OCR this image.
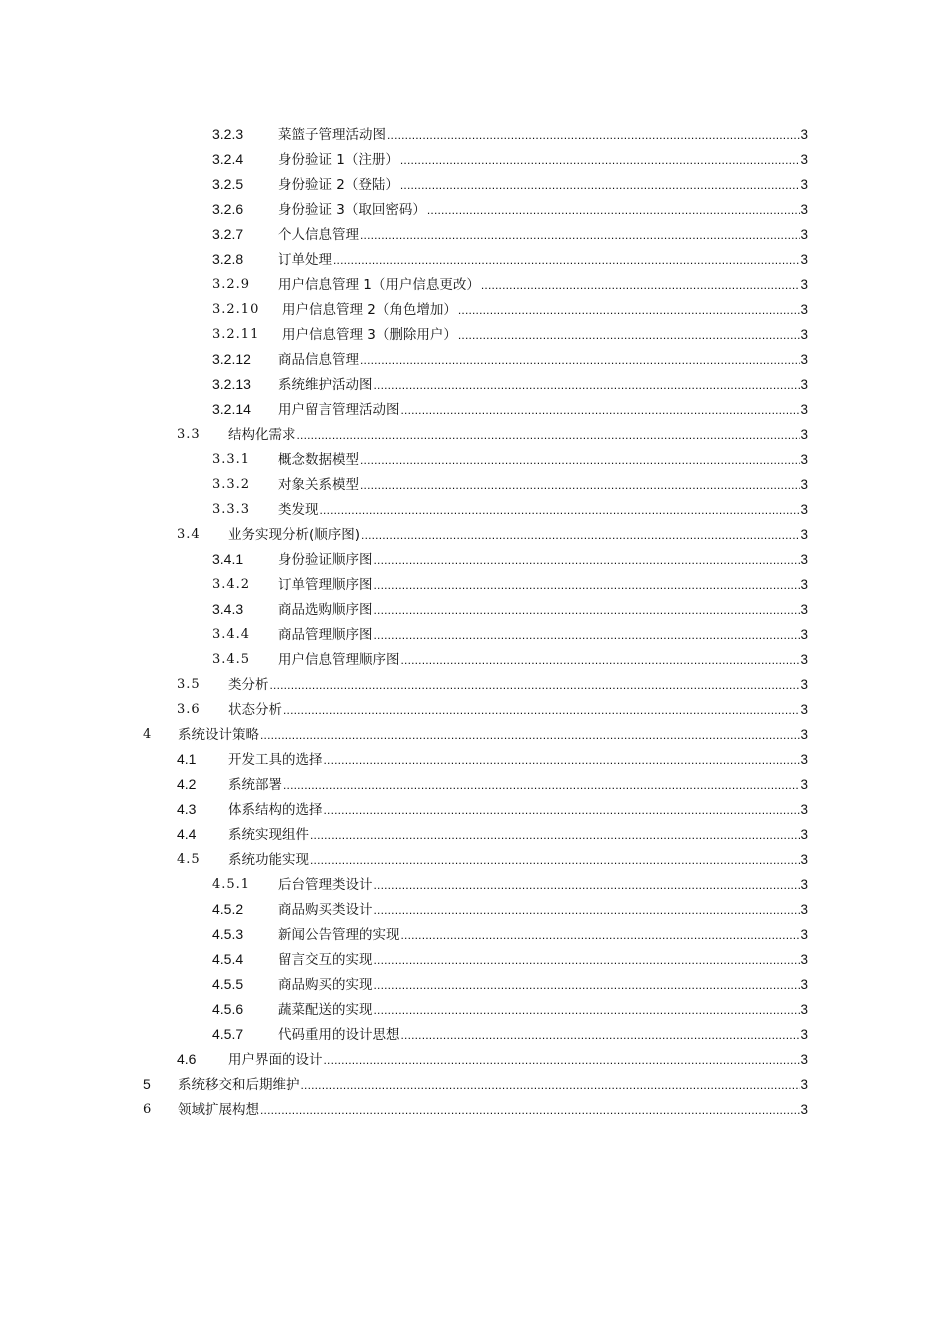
3.2.3	菜篮子管理活动图 .....	3
3.2.4	身份验证 1（注册） .....	3
3.2.5	身份验证 2（登陆） .....	3
3.2.6	身份验证 3（取回密码） .....	3
3.2.7	个人信息管理 .....	3
3.2.8	订单处理 .....	3
3.2.9 用户信息管理 1（用户信息更改） .....	3
3.2.10 用户信息管理 2（角色增加） .....	3
3.2.11 用户信息管理 3（删除用户） .....	3
3.2.12 商品信息管理 .....	3
3.2.13 系统维护活动图 .....	3
3.2.14 用户留言管理活动图 .....	3
3.3 结构化需求 .....	3
3.3.1 概念数据模型 .....	3
3.3.2 对象关系模型 .....	3
3.3.3 类发现 .....	3
3.4 业务实现分析(顺序图) .....	3
3.4.1	身份验证顺序图 .....	3
3.4.2 订单管理顺序图 .....	3
3.4.3	商品选购顺序图 .....	3
3.4.4 商品管理顺序图 .....	3
3.4.5 用户信息管理顺序图 .....	3
3.5 类分析 .....	3
3.6 状态分析 .....	3
4 系统设计策略 .....	3
4.1 开发工具的选择 .....	3
4.2 系统部署 .....	3
4.3 体系结构的选择 .....	3
4.4 系统实现组件 .....	3
4.5 系统功能实现 .....	3
4.5.1 后台管理类设计 .....	3
4.5.2	商品购买类设计 .....	3
4.5.3	新闻公告管理的实现 .....	3
4.5.4	留言交互的实现 .....	3
4.5.5	商品购买的实现 .....	3
4.5.6	蔬菜配送的实现 .....	3
4.5.7	代码重用的设计思想 .....	3
4.6 用户界面的设计 .....	3
5 系统移交和后期维护 .....	3
6 领域扩展构想 .....	3
